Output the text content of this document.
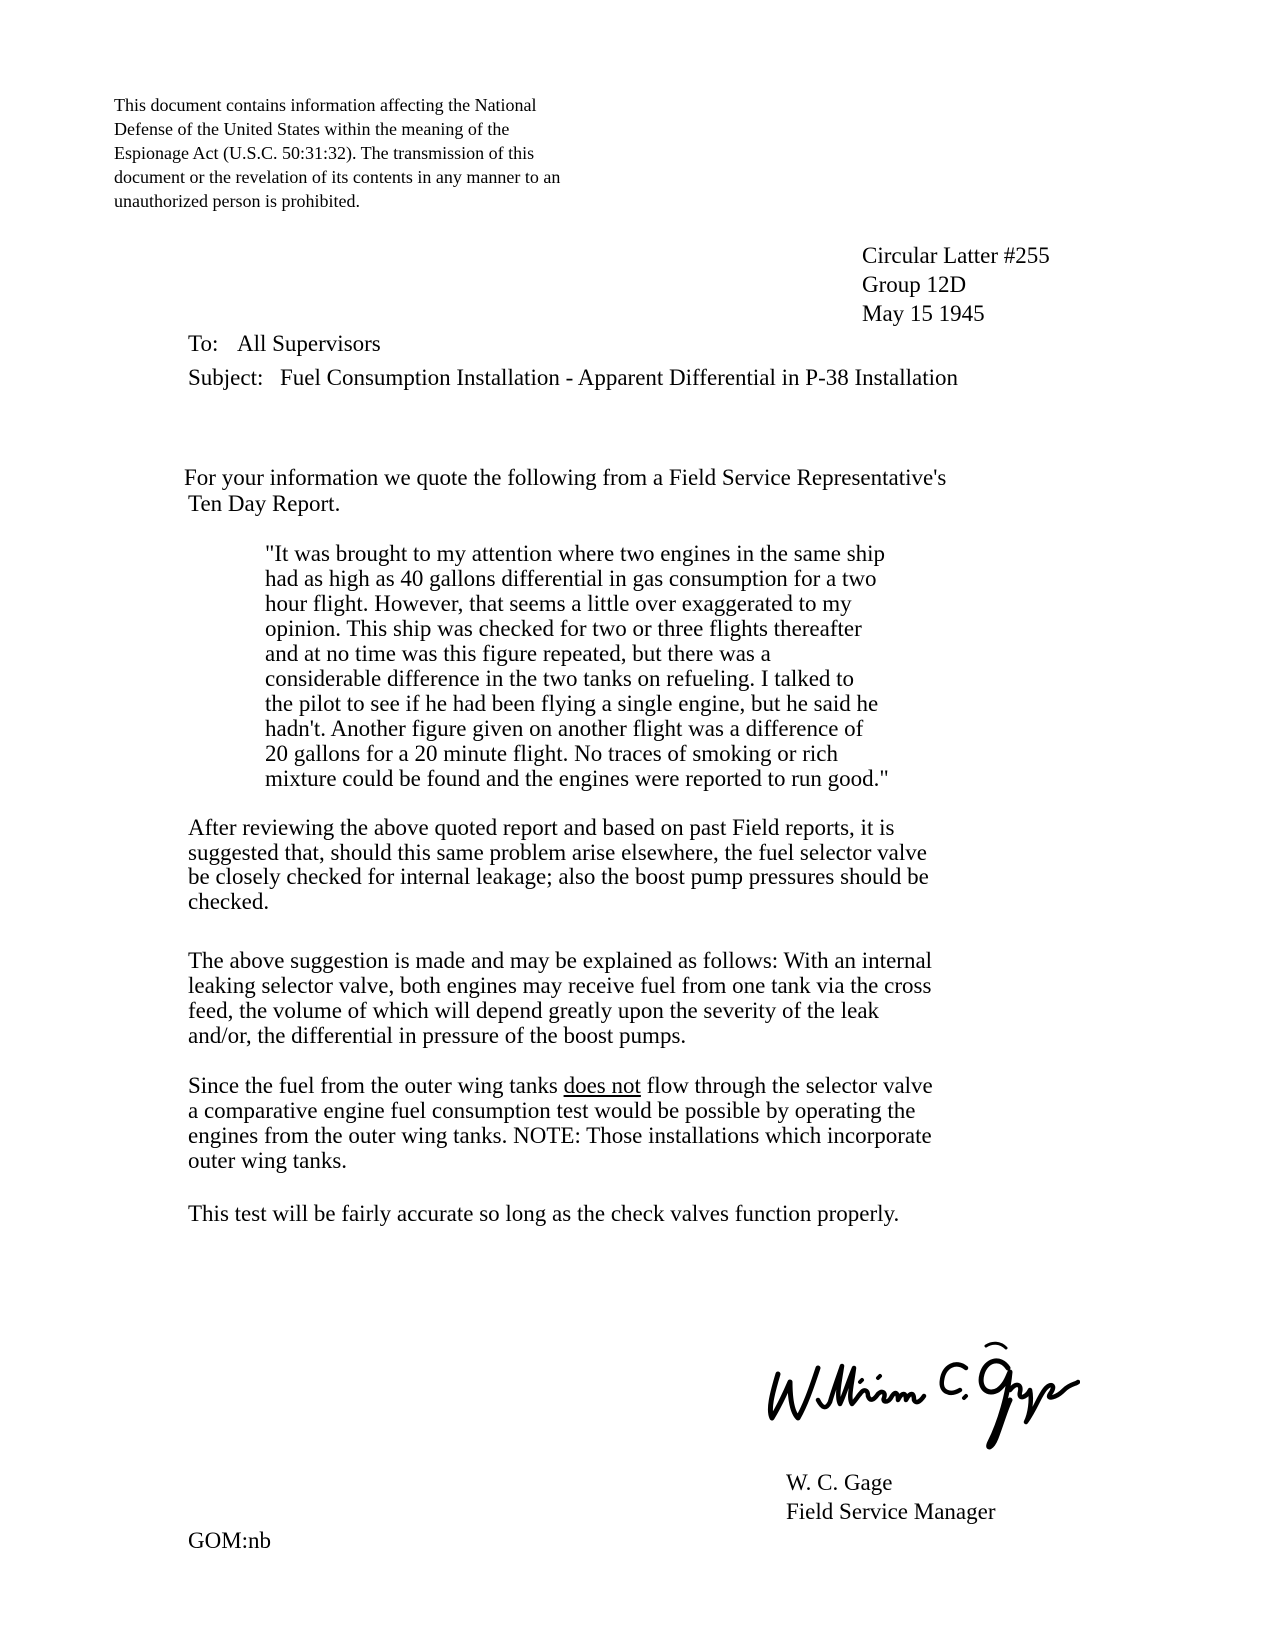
This document contains information affecting the National
Defense of the United States within the meaning of the
Espionage Act (U.S.C. 50:31:32). The transmission of this
document or the revelation of its contents in any manner to an
unauthorized person is prohibited.
Circular Latter #255
Group 12D
May 15 1945
To: All Supervisors
Subject: Fuel Consumption Installation - Apparent Differential in P-38 Installation
For your information we quote the following from a Field Service Representative's
Ten Day Report.
"It was brought to my attention where two engines in the same ship
had as high as 40 gallons differential in gas consumption for a two
hour flight. However, that seems a little over exaggerated to my
opinion. This ship was checked for two or three flights thereafter
and at no time was this figure repeated, but there was a
considerable difference in the two tanks on refueling. I talked to
the pilot to see if he had been flying a single engine, but he said he
hadn't. Another figure given on another flight was a difference of
20 gallons for a 20 minute flight. No traces of smoking or rich
mixture could be found and the engines were reported to run good."
After reviewing the above quoted report and based on past Field reports, it is
suggested that, should this same problem arise elsewhere, the fuel selector valve
be closely checked for internal leakage; also the boost pump pressures should be
checked.
The above suggestion is made and may be explained as follows: With an internal
leaking selector valve, both engines may receive fuel from one tank via the cross
feed, the volume of which will depend greatly upon the severity of the leak
and/or, the differential in pressure of the boost pumps.
Since the fuel from the outer wing tanks does not flow through the selector valve
a comparative engine fuel consumption test would be possible by operating the
engines from the outer wing tanks. NOTE: Those installations which incorporate
outer wing tanks.
This test will be fairly accurate so long as the check valves function properly.
W. C. Gage
Field Service Manager
GOM:nb
